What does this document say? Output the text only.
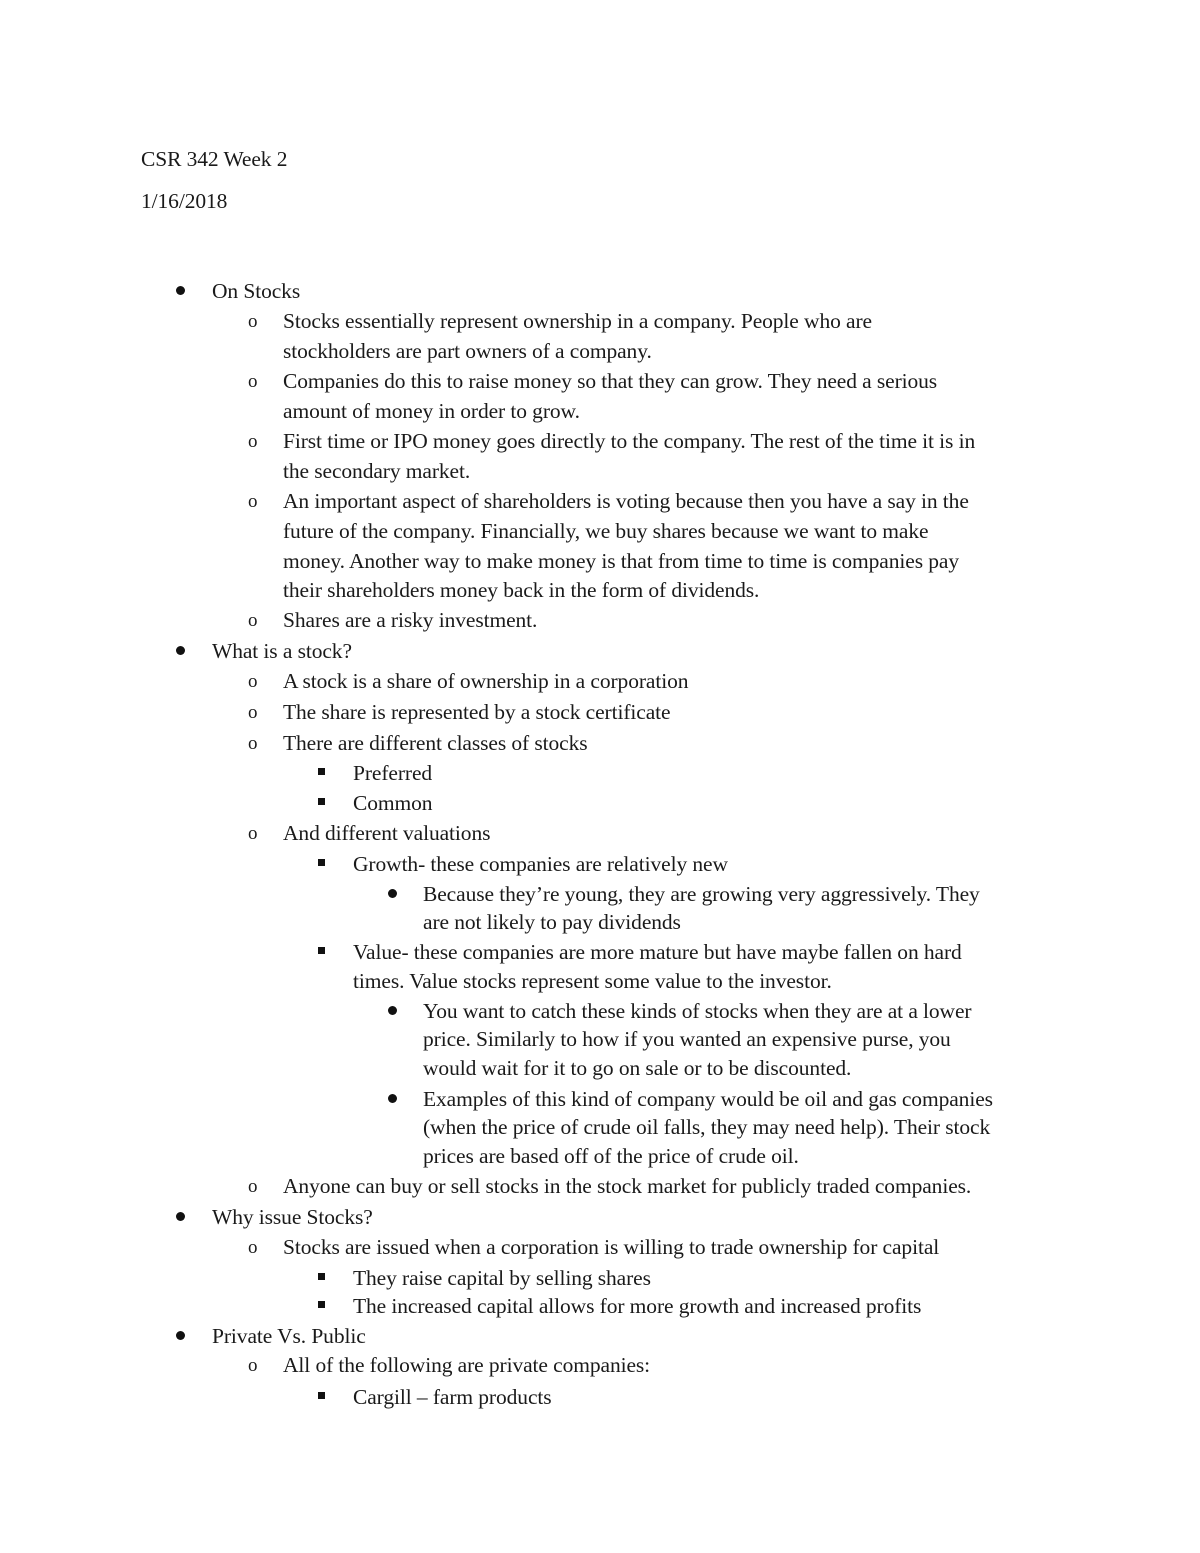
CSR 342 Week 2
1/16/2018
On Stocks
o Stocks essentially represent ownership in a company. People who are
stockholders are part owners of a company.
o Companies do this to raise money so that they can grow. They need a serious
amount of money in order to grow.
o First time or IPO money goes directly to the company. The rest of the time it is in
the secondary market.
o An important aspect of shareholders is voting because then you have a say in the
future of the company. Financially, we buy shares because we want to make
money. Another way to make money is that from time to time is companies pay
their shareholders money back in the form of dividends.
o Shares are a risky investment.
What is a stock?
o A stock is a share of ownership in a corporation
o The share is represented by a stock certificate
o There are different classes of stocks
Preferred
Common
o And different valuations
Growth- these companies are relatively new
Because they’re young, they are growing very aggressively. They
are not likely to pay dividends
Value- these companies are more mature but have maybe fallen on hard
times. Value stocks represent some value to the investor.
You want to catch these kinds of stocks when they are at a lower
price. Similarly to how if you wanted an expensive purse, you
would wait for it to go on sale or to be discounted.
Examples of this kind of company would be oil and gas companies
(when the price of crude oil falls, they may need help). Their stock
prices are based off of the price of crude oil.
o Anyone can buy or sell stocks in the stock market for publicly traded companies.
Why issue Stocks?
o Stocks are issued when a corporation is willing to trade ownership for capital
They raise capital by selling shares
The increased capital allows for more growth and increased profits
Private Vs. Public
o All of the following are private companies:
Cargill – farm products
